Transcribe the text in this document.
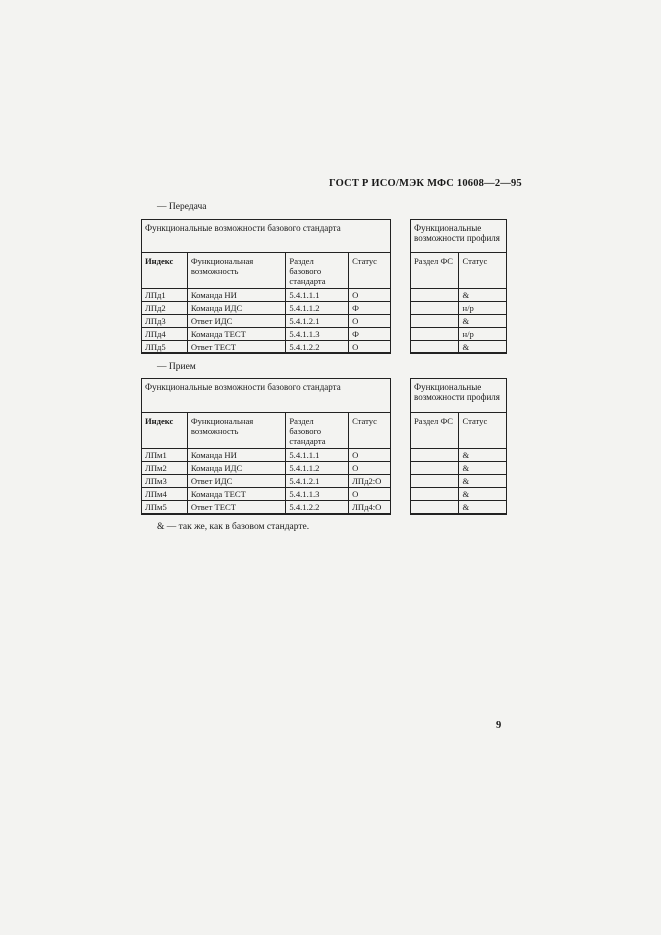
ГОСТ Р ИСО/МЭК МФС 10608—2—95
— Передача
Функциональные возможности базового стандарта
Индекс	Функциональная возможность	Раздел базового стандарта	Статус
ЛПд1	Команда НИ	5.4.1.1.1	О
ЛПд2	Команда ИДС	5.4.1.1.2	Ф
ЛПд3	Ответ ИДС	5.4.1.2.1	О
ЛПд4	Команда ТЕСТ	5.4.1.1.3	Ф
ЛПд5	Ответ ТЕСТ	5.4.1.2.2	О
Функциональные возможности профиля
Раздел ФС	Статус
	&
	н/р
	&
	н/р
	&
— Прием
Функциональные возможности базового стандарта
Индекс	Функциональная возможность	Раздел базового стандарта	Статус
ЛПм1	Команда НИ	5.4.1.1.1	О
ЛПм2	Команда ИДС	5.4.1.1.2	О
ЛПм3	Ответ ИДС	5.4.1.2.1	ЛПд2:О
ЛПм4	Команда ТЕСТ	5.4.1.1.3	О
ЛПм5	Ответ ТЕСТ	5.4.1.2.2	ЛПд4:О
Функциональные возможности профиля
Раздел ФС	Статус
	&
	&
	&
	&
	&
& — так же, как в базовом стандарте.
9
